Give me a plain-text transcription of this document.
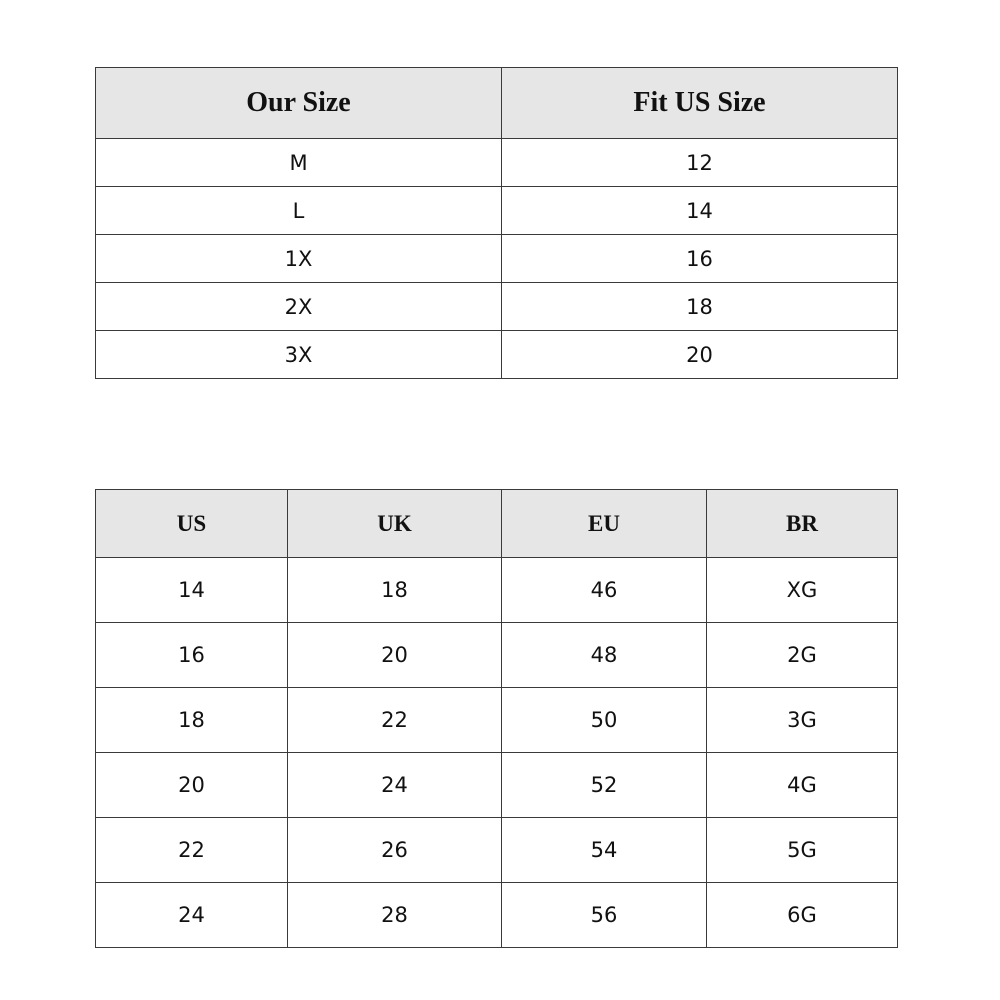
Our Size	Fit US Size
M	12
L	14
1X	16
2X	18
3X	20
US	UK	EU	BR
14	18	46	XG
16	20	48	2G
18	22	50	3G
20	24	52	4G
22	26	54	5G
24	28	56	6G
